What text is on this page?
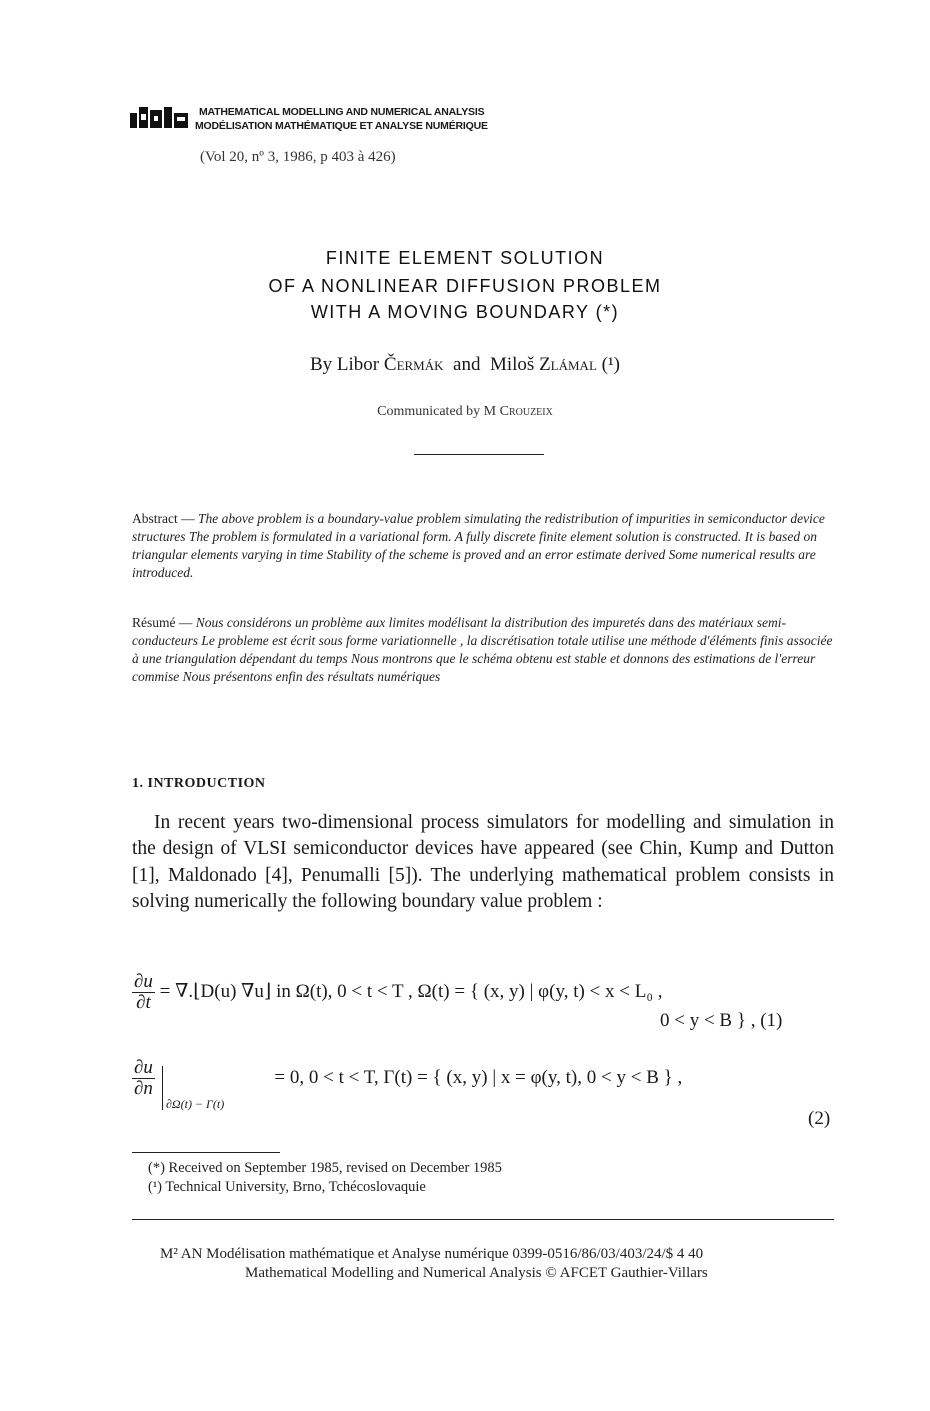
MATHEMATICAL MODELLING AND NUMERICAL ANALYSIS
MODÉLISATION MATHÉMATIQUE ET ANALYSE NUMÉRIQUE
(Vol 20, nº 3, 1986, p 403 à 426)
FINITE ELEMENT SOLUTION
OF A NONLINEAR DIFFUSION PROBLEM
WITH A MOVING BOUNDARY (*)
By Libor Čermák and Miloš Zlámal (¹)
Communicated by M Crouzeix
Abstract — The above problem is a boundary-value problem simulating the redistribution of impurities in semiconductor device structures The problem is formulated in a variational form. A fully discrete finite element solution is constructed. It is based on triangular elements varying in time Stability of the scheme is proved and an error estimate derived Some numerical results are introduced.
Résumé — Nous considérons un problème aux limites modélisant la distribution des impuretés dans des matériaux semi-conducteurs Le probleme est écrit sous forme variationnelle , la discrétisation totale utilise une méthode d'éléments finis associée à une triangulation dépendant du temps Nous montrons que le schéma obtenu est stable et donnons des estimations de l'erreur commise Nous présentons enfin des résultats numériques
1. INTRODUCTION
In recent years two-dimensional process simulators for modelling and simulation in the design of VLSI semiconductor devices have appeared (see Chin, Kump and Dutton [1], Maldonado [4], Penumalli [5]). The underlying mathematical problem consists in solving numerically the following boundary value problem :
$\frac{\partial u}{\partial t}$ = ∇.⌊D(u) ∇u⌋ in Ω(t), 0 < t < T , Ω(t) = { (x, y) | φ(y, t) < x < L₀ ,
0 < y < B } , (1)
$\frac{\partial u}{\partial n}$	= 0, 0 < t < T, Γ(t) = { (x, y) | x = φ(y, t), 0 < y < B } ,
∂Ω(t) − Γ(t)
(2)
(*) Received on September 1985, revised on December 1985
(¹) Technical University, Brno, Tchécoslovaquie
M² AN Modélisation mathématique et Analyse numérique 0399-0516/86/03/403/24/$ 4 40
Mathematical Modelling and Numerical Analysis © AFCET Gauthier-Villars
